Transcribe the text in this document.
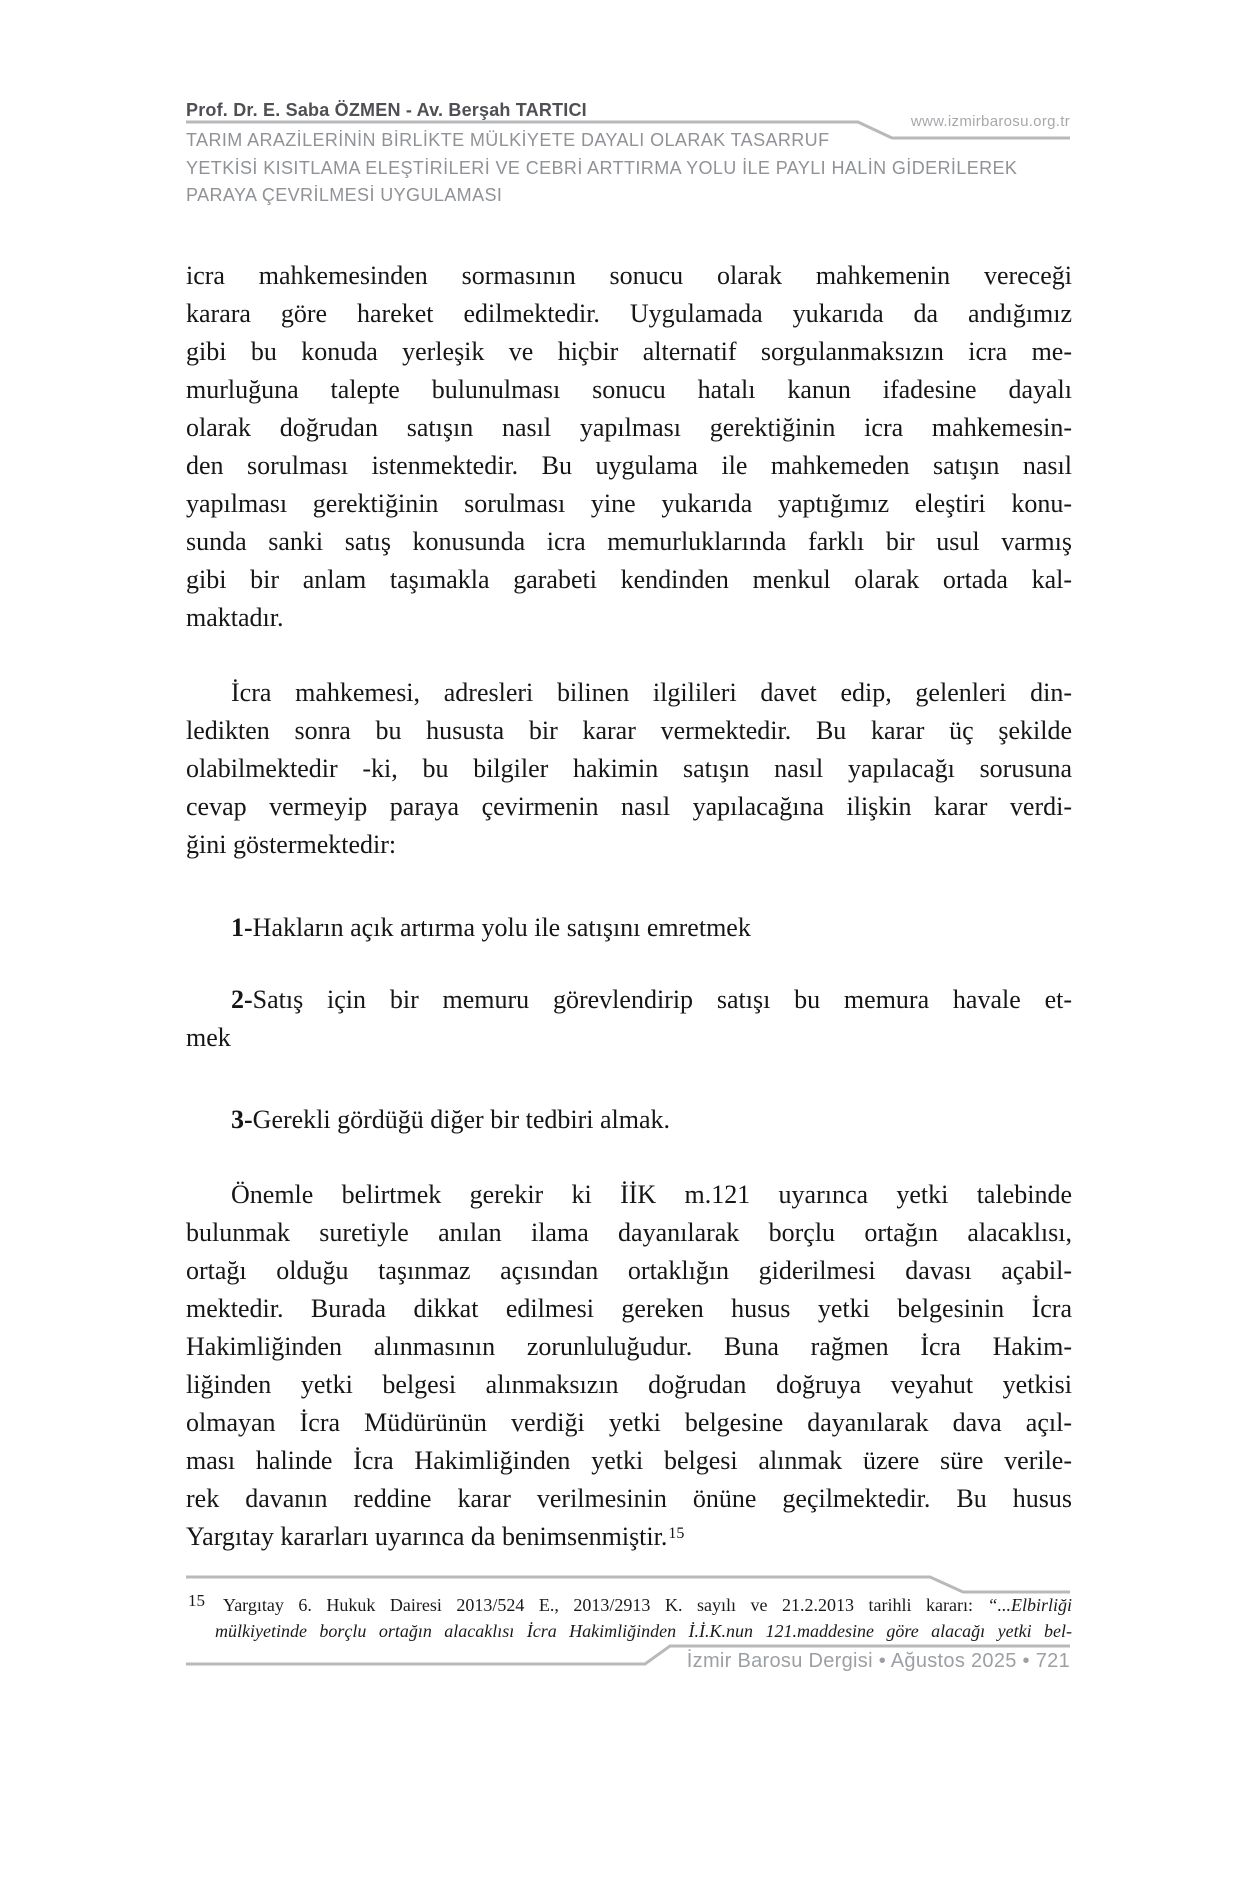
Prof. Dr. E. Saba ÖZMEN - Av. Berşah TARTICI
www.izmirbarosu.org.tr
TARIM ARAZİLERİNİN BİRLİKTE MÜLKİYETE DAYALI OLARAK TASARRUF
YETKİSİ KISITLAMA ELEŞTİRİLERİ VE CEBRİ ARTTIRMA YOLU İLE PAYLI HALİN GİDERİLEREK
PARAYA ÇEVRİLMESİ UYGULAMASI
icra mahkemesinden sormasının sonucu olarak mahkemenin vereceği
karara göre hareket edilmektedir. Uygulamada yukarıda da andığımız
gibi bu konuda yerleşik ve hiçbir alternatif sorgulanmaksızın icra me-
murluğuna talepte bulunulması sonucu hatalı kanun ifadesine dayalı
olarak doğrudan satışın nasıl yapılması gerektiğinin icra mahkemesin-
den sorulması istenmektedir. Bu uygulama ile mahkemeden satışın nasıl
yapılması gerektiğinin sorulması yine yukarıda yaptığımız eleştiri konu-
sunda sanki satış konusunda icra memurluklarında farklı bir usul varmış
gibi bir anlam taşımakla garabeti kendinden menkul olarak ortada kal-
maktadır.
İcra mahkemesi, adresleri bilinen ilgilileri davet edip, gelenleri din-
ledikten sonra bu hususta bir karar vermektedir. Bu karar üç şekilde
olabilmektedir -ki, bu bilgiler hakimin satışın nasıl yapılacağı sorusuna
cevap vermeyip paraya çevirmenin nasıl yapılacağına ilişkin karar verdi-
ğini göstermektedir:
1-Hakların açık artırma yolu ile satışını emretmek
2-Satış için bir memuru görevlendirip satışı bu memura havale et-
mek
3-Gerekli gördüğü diğer bir tedbiri almak.
Önemle belirtmek gerekir ki İİK m.121 uyarınca yetki talebinde
bulunmak suretiyle anılan ilama dayanılarak borçlu ortağın alacaklısı,
ortağı olduğu taşınmaz açısından ortaklığın giderilmesi davası açabil-
mektedir. Burada dikkat edilmesi gereken husus yetki belgesinin İcra
Hakimliğinden alınmasının zorunluluğudur. Buna rağmen İcra Hakim-
liğinden yetki belgesi alınmaksızın doğrudan doğruya veyahut yetkisi
olmayan İcra Müdürünün verdiği yetki belgesine dayanılarak dava açıl-
ması halinde İcra Hakimliğinden yetki belgesi alınmak üzere süre verile-
rek davanın reddine karar verilmesinin önüne geçilmektedir. Bu husus
Yargıtay kararları uyarınca da benimsenmiştir.$^{15}$
15	Yargıtay 6. Hukuk Dairesi 2013/524 E., 2013/2913 K. sayılı ve 21.2.2013 tarihli kararı: “...Elbirliği
mülkiyetinde borçlu ortağın alacaklısı İcra Hakimliğinden İ.İ.K.nun 121.maddesine göre alacağı yetki bel-
İzmir Barosu Dergisi • Ağustos 2025 • 721
